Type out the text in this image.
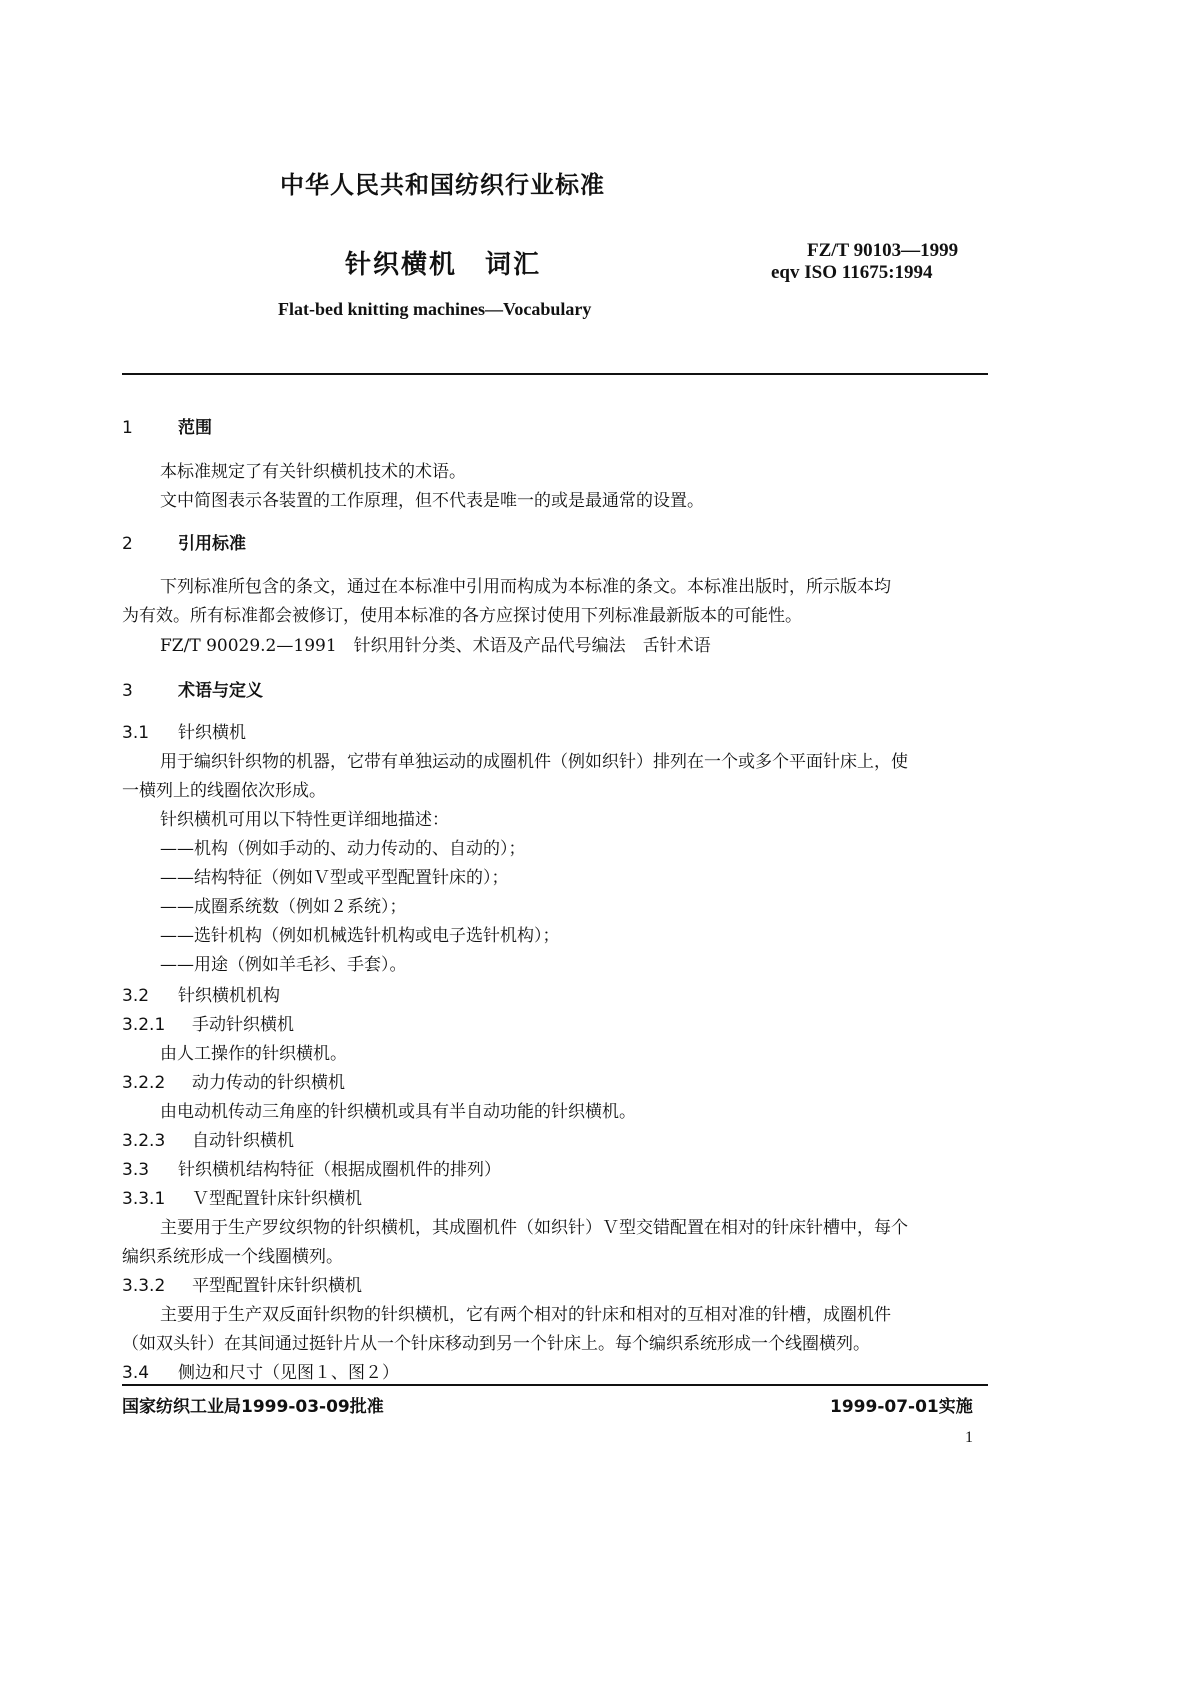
中华人民共和国纺织行业标准
针织横机　词汇	FZ/T 90103—1999
eqv ISO 11675:1994
Flat-bed knitting machines—Vocabulary
1	范围
本标准规定了有关针织横机技术的术语。
文中简图表示各装置的工作原理，但不代表是唯一的或是最通常的设置。
2	引用标准
下列标准所包含的条文，通过在本标准中引用而构成为本标准的条文。本标准出版时，所示版本均
为有效。所有标准都会被修订，使用本标准的各方应探讨使用下列标准最新版本的可能性。
FZ/T 90029.2—1991　针织用针分类、术语及产品代号编法　舌针术语
3	术语与定义
3.1 针织横机
用于编织针织物的机器，它带有单独运动的成圈机件（例如织针）排列在一个或多个平面针床上，使
一横列上的线圈依次形成。
针织横机可用以下特性更详细地描述：
——机构（例如手动的、动力传动的、自动的）；
——结构特征（例如Ｖ型或平型配置针床的）；
——成圈系统数（例如２系统）；
——选针机构（例如机械选针机构或电子选针机构）；
——用途（例如羊毛衫、手套）。
3.2 针织横机机构
3.2.1 手动针织横机
由人工操作的针织横机。
3.2.2 动力传动的针织横机
由电动机传动三角座的针织横机或具有半自动功能的针织横机。
3.2.3 自动针织横机
3.3 针织横机结构特征（根据成圈机件的排列）
3.3.1 Ｖ型配置针床针织横机
主要用于生产罗纹织物的针织横机，其成圈机件（如织针）Ｖ型交错配置在相对的针床针槽中，每个
编织系统形成一个线圈横列。
3.3.2 平型配置针床针织横机
主要用于生产双反面针织物的针织横机，它有两个相对的针床和相对的互相对准的针槽，成圈机件
（如双头针）在其间通过挺针片从一个针床移动到另一个针床上。每个编织系统形成一个线圈横列。
3.4 侧边和尺寸（见图１、图２）
国家纺织工业局1999-03-09批准	1999-07-01实施
1
